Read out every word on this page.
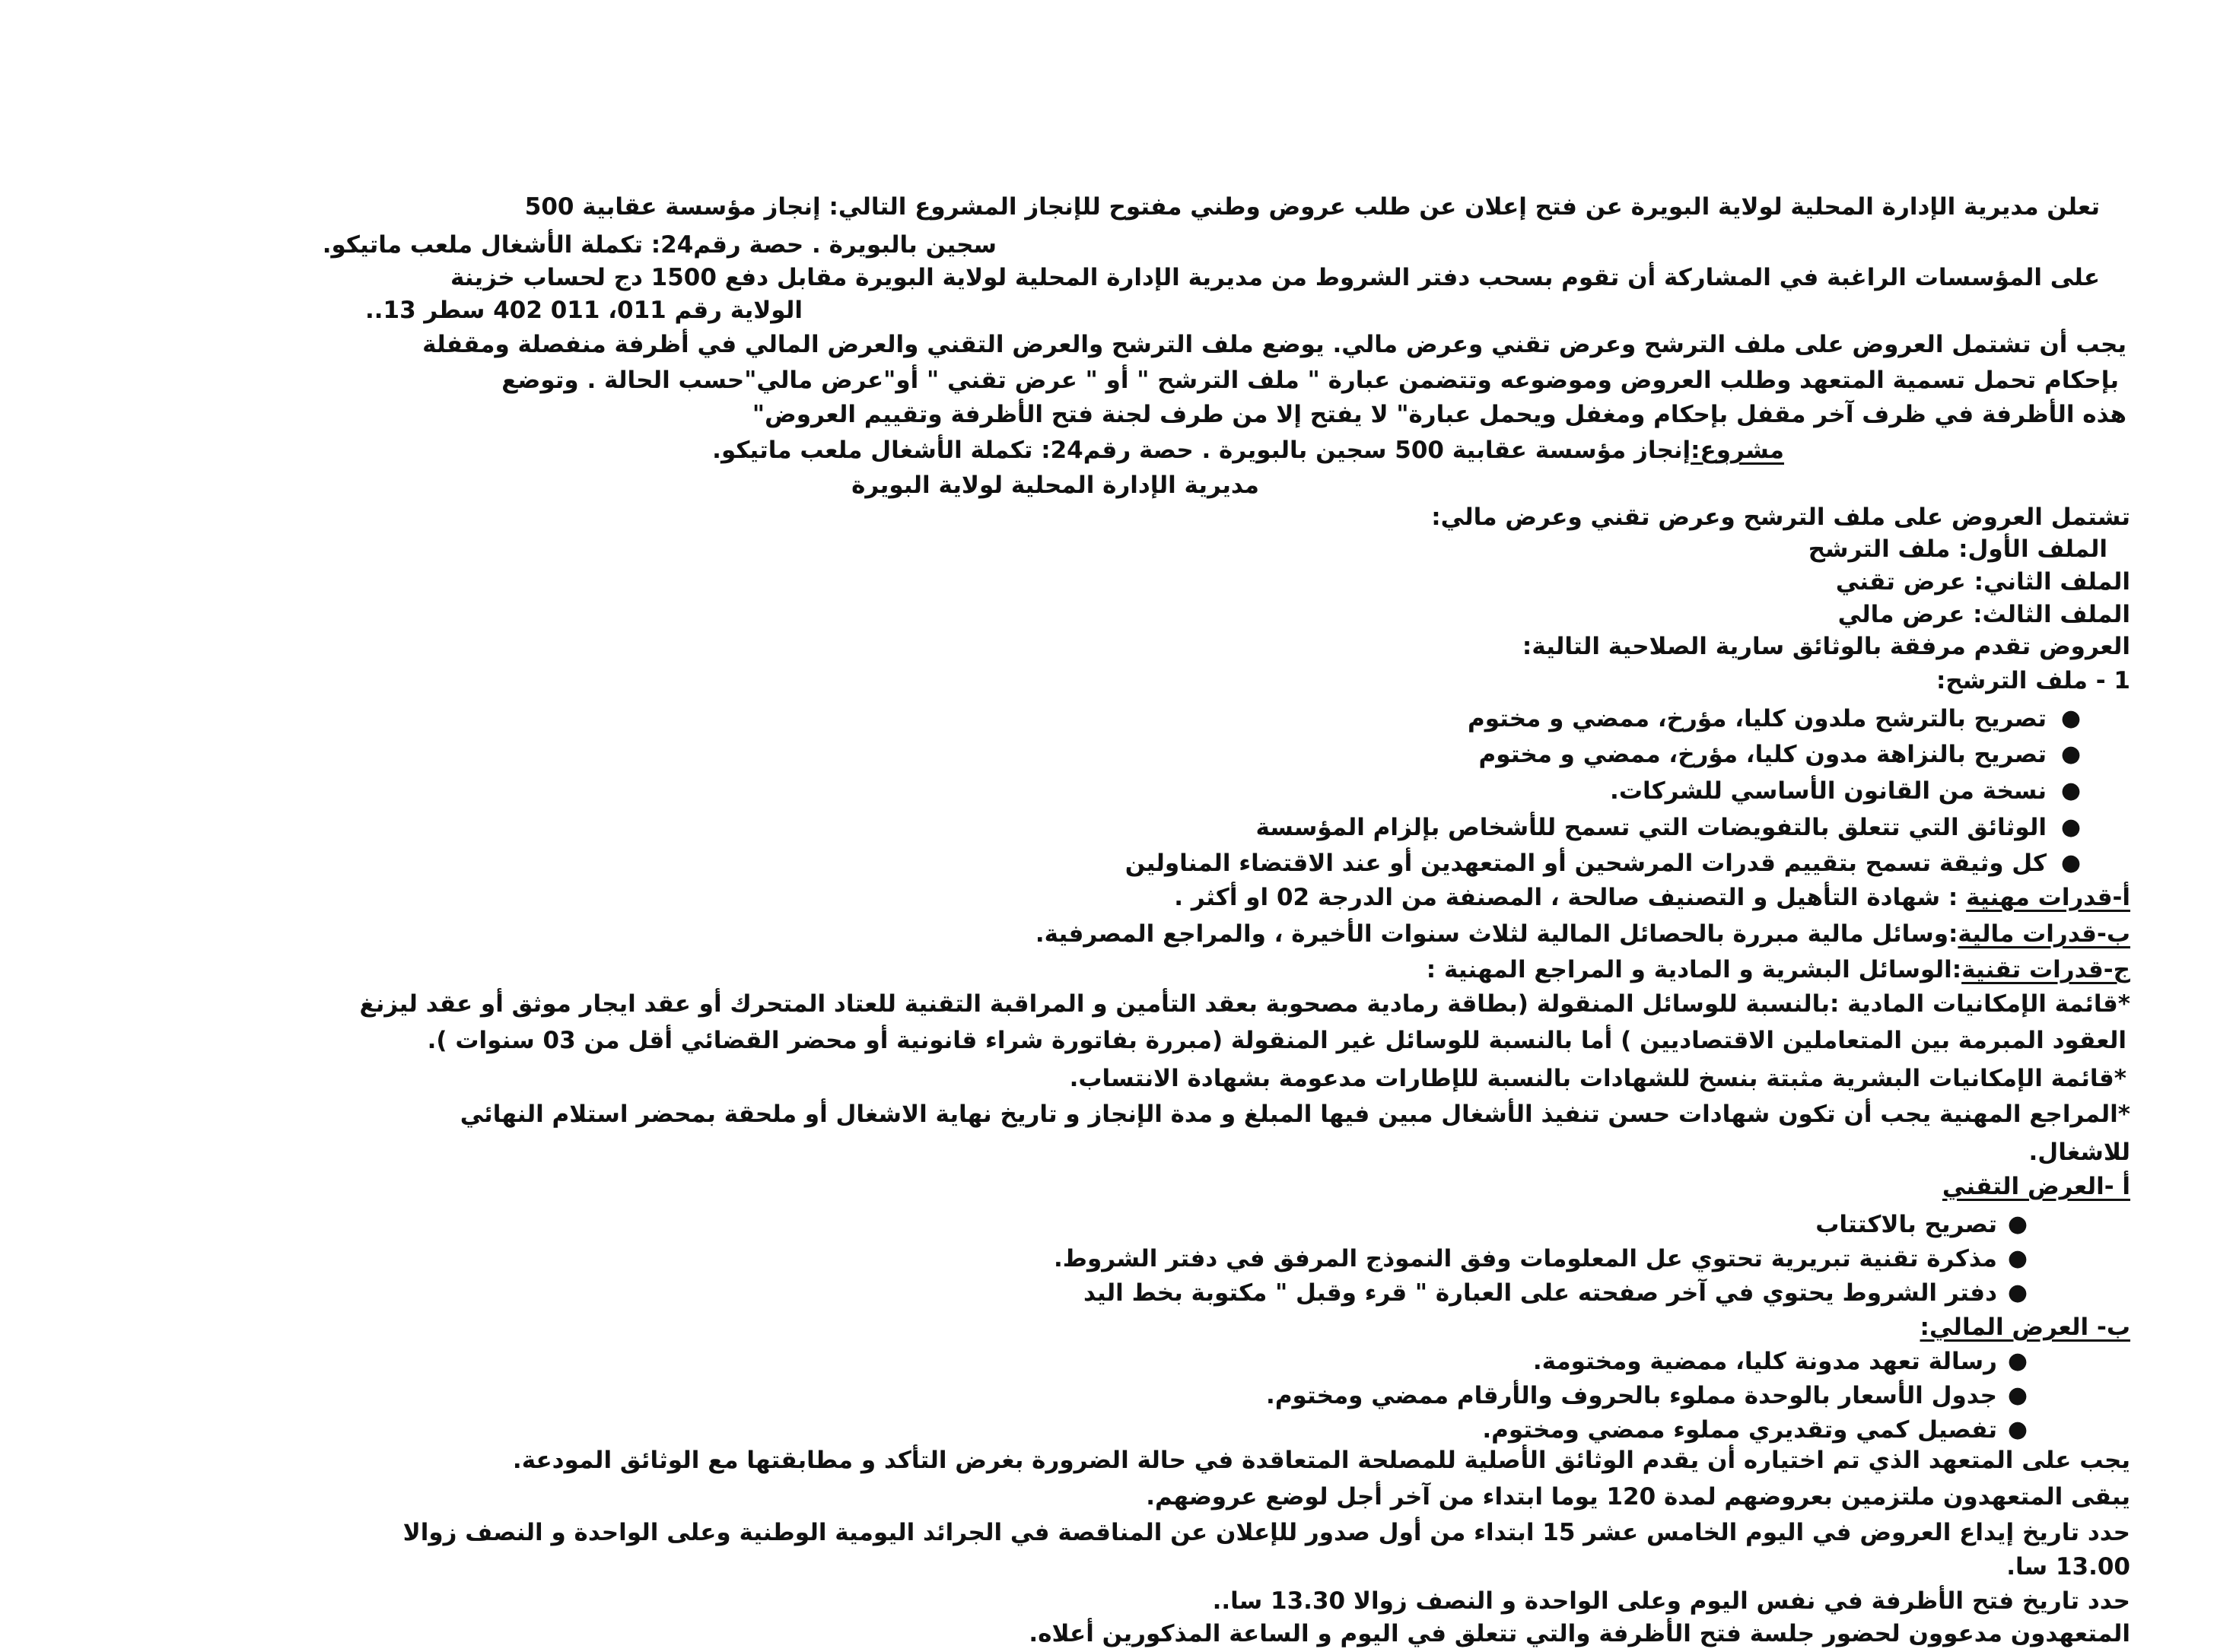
تعلن مديرية الإدارة المحلية لولاية البويرة عن فتح إعلان عن طلب عروض وطني مفتوح للإنجاز المشروع التالي: إنجاز مؤسسة عقابية 500
سجين بالبويرة . حصة رقم24: تكملة الأشغال ملعب ماتيكو.
على المؤسسات الراغبة في المشاركة أن تقوم بسحب دفتر الشروط من مديرية الإدارة المحلية لولاية البويرة مقابل دفع 1500 دج لحساب خزينة
الولاية رقم 011، 011 402 سطر 13..
يجب أن تشتمل العروض على ملف الترشح وعرض تقني وعرض مالي. يوضع ملف الترشح والعرض التقني والعرض المالي في أظرفة منفصلة ومقفلة
بإحكام تحمل تسمية المتعهد وطلب العروض وموضوعه وتتضمن عبارة " ملف الترشح " أو " عرض تقني " أو"عرض مالي"حسب الحالة . وتوضع
هذه الأظرفة في ظرف آخر مقفل بإحكام ومغفل ويحمل عبارة" لا يفتح إلا من طرف لجنة فتح الأظرفة وتقييم العروض"
مشروع:إنجاز مؤسسة عقابية 500 سجين بالبويرة . حصة رقم24: تكملة الأشغال ملعب ماتيكو.
مديرية الإدارة المحلية لولاية البويرة
تشتمل العروض على ملف الترشح وعرض تقني وعرض مالي:
الملف الأول: ملف الترشح
الملف الثاني: عرض تقني
الملف الثالث: عرض مالي
العروض تقدم مرفقة بالوثائق سارية الصلاحية التالية:
1 - ملف الترشح:
●
تصريح بالترشح ملدون كليا، مؤرخ، ممضي و مختوم
●
تصريح بالنزاهة مدون كليا، مؤرخ، ممضي و مختوم
●
نسخة من القانون الأساسي للشركات.
●
الوثائق التي تتعلق بالتفويضات التي تسمح للأشخاص بإلزام المؤسسة
●
كل وثيقة تسمح بتقييم قدرات المرشحين أو المتعهدين أو عند الاقتضاء المناولين
أ-قدرات مهنية : شهادة التأهيل و التصنيف صالحة ، المصنفة من الدرجة 02 او أكثر .
ب-قدرات مالية:وسائل مالية مبررة بالحصائل المالية لثلاث سنوات الأخيرة ، والمراجع المصرفية.
ج-قدرات تقنية:الوسائل البشرية و المادية و المراجع المهنية :
*قائمة الإمكانيات المادية :بالنسبة للوسائل المنقولة (بطاقة رمادية مصحوبة بعقد التأمين و المراقبة التقنية للعتاد المتحرك أو عقد ايجار موثق أو عقد ليزنغ
العقود المبرمة بين المتعاملين الاقتصاديين ) أما بالنسبة للوسائل غير المنقولة (مبررة بفاتورة شراء قانونية أو محضر القضائي أقل من 03 سنوات ).
*قائمة الإمكانيات البشرية مثبتة بنسخ للشهادات بالنسبة للإطارات مدعومة بشهادة الانتساب.
*المراجع المهنية يجب أن تكون شهادات حسن تنفيذ الأشغال مبين فيها المبلغ و مدة الإنجاز و تاريخ نهاية الاشغال أو ملحقة بمحضر استلام النهائي
للاشغال.
أ -العرض التقني
●
تصريح بالاكتتاب
●
مذكرة تقنية تبريرية تحتوي عل المعلومات وفق النموذج المرفق في دفتر الشروط.
●
دفتر الشروط يحتوي في آخر صفحته على العبارة " قرء وقبل " مكتوبة بخط اليد
ب- العرض المالي:
●
رسالة تعهد مدونة كليا، ممضية ومختومة.
●
جدول الأسعار بالوحدة مملوء بالحروف والأرقام ممضي ومختوم.
●
تفصيل كمي وتقديري مملوء ممضي ومختوم.
يجب على المتعهد الذي تم اختياره أن يقدم الوثائق الأصلية للمصلحة المتعاقدة في حالة الضرورة بغرض التأكد و مطابقتها مع الوثائق المودعة.
يبقى المتعهدون ملتزمين بعروضهم لمدة 120 يوما ابتداء من آخر أجل لوضع عروضهم.
حدد تاريخ إيداع العروض في اليوم الخامس عشر 15 ابتداء من أول صدور للإعلان عن المناقصة في الجرائد اليومية الوطنية وعلى الواحدة و النصف زوالا
13.00 سا.
حدد تاريخ فتح الأظرفة في نفس اليوم وعلى الواحدة و النصف زوالا 13.30 سا..
المتعهدون مدعوون لحضور جلسة فتح الأظرفة والتي تتعلق في اليوم و الساعة المذكورين أعلاه.
